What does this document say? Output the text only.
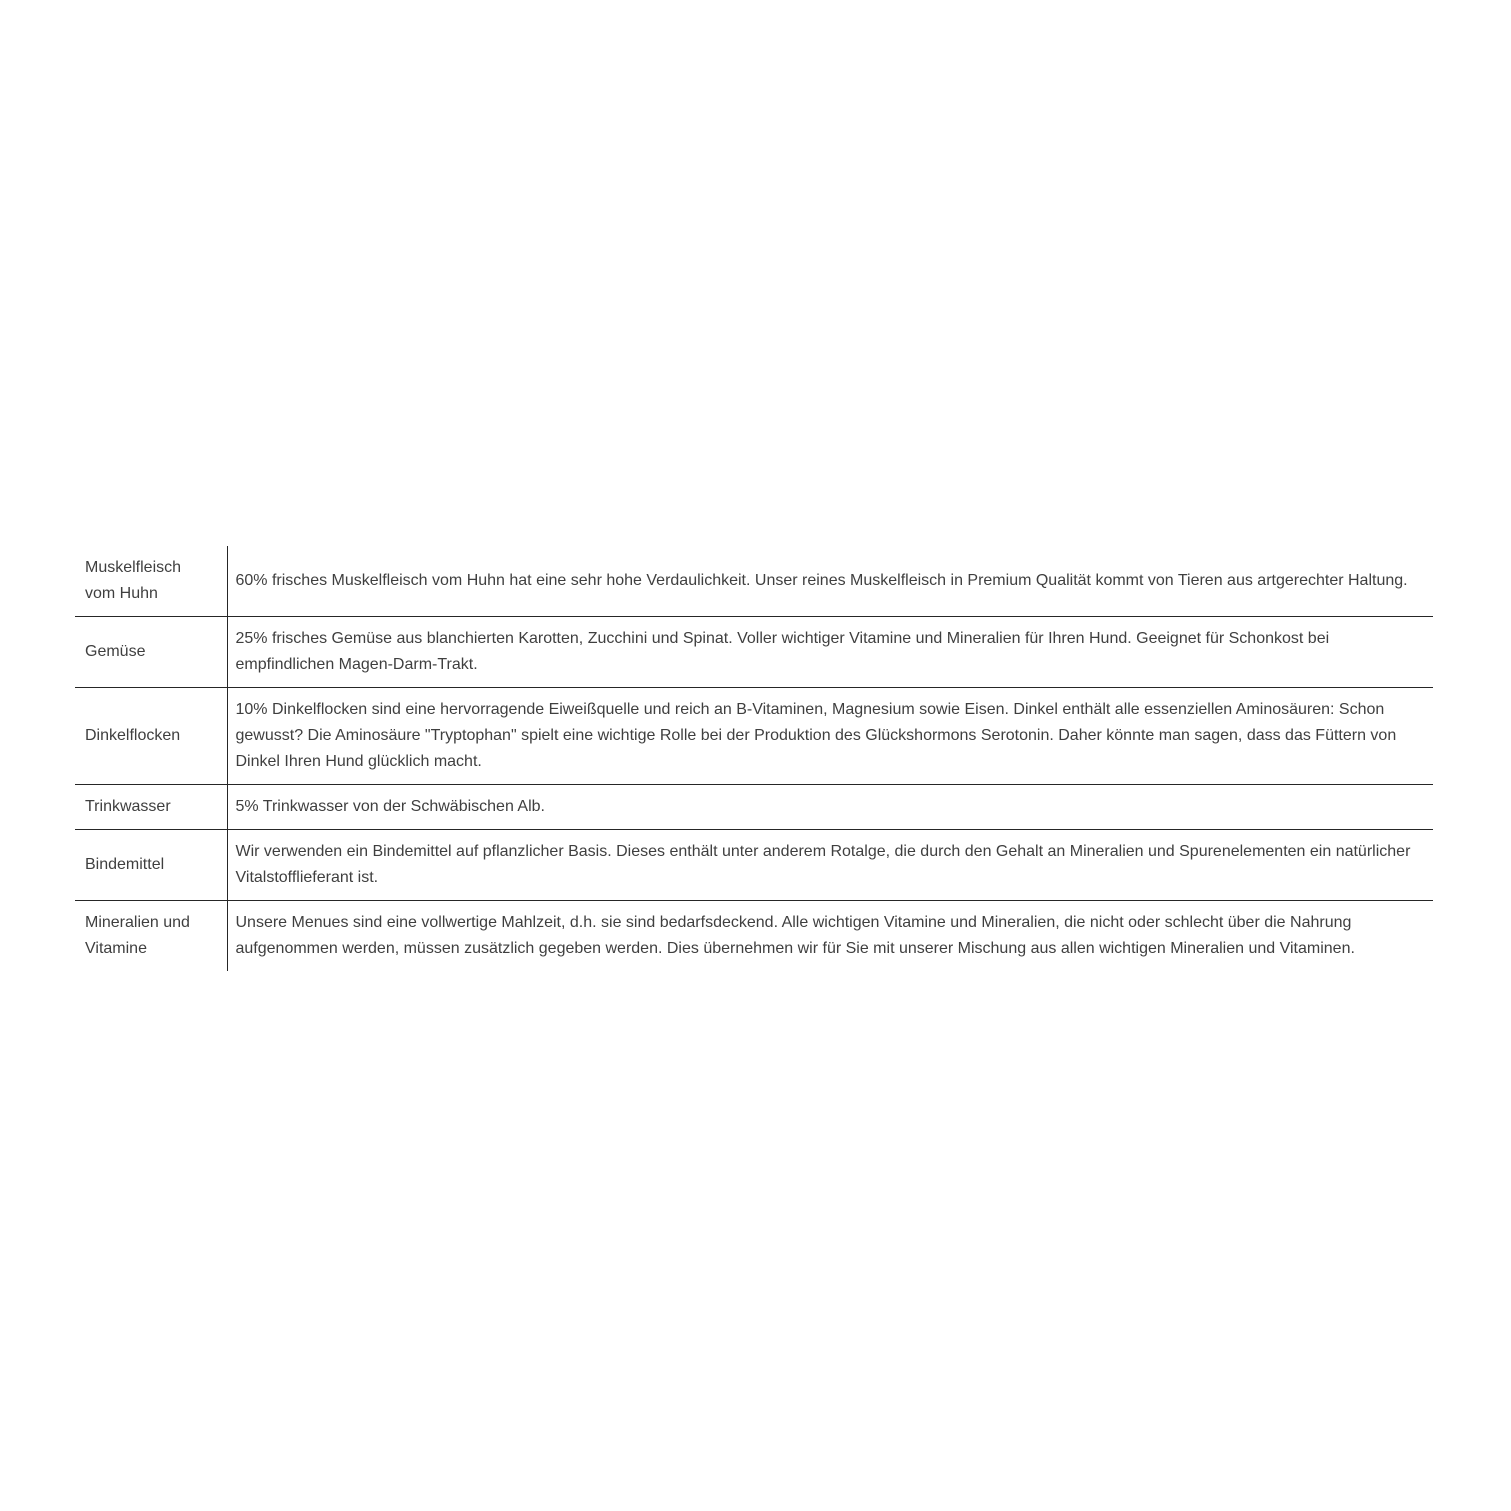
Muskelfleisch vom Huhn	60% frisches Muskelfleisch vom Huhn hat eine sehr hohe Verdaulichkeit. Unser reines Muskelfleisch in Premium Qualität kommt von Tieren aus artgerechter Haltung.
Gemüse	25% frisches Gemüse aus blanchierten Karotten, Zucchini und Spinat. Voller wichtiger Vitamine und Mineralien für Ihren Hund. Geeignet für Schonkost bei empfindlichen Magen-Darm-Trakt.
Dinkelflocken	10% Dinkelflocken sind eine hervorragende Eiweißquelle und reich an B-Vitaminen, Magnesium sowie Eisen. Dinkel enthält alle essenziellen Aminosäuren: Schon gewusst? Die Aminosäure "Tryptophan" spielt eine wichtige Rolle bei der Produktion des Glückshormons Serotonin. Daher könnte man sagen, dass das Füttern von Dinkel Ihren Hund glücklich macht.
Trinkwasser	5% Trinkwasser von der Schwäbischen Alb.
Bindemittel	Wir verwenden ein Bindemittel auf pflanzlicher Basis. Dieses enthält unter anderem Rotalge, die durch den Gehalt an Mineralien und Spurenelementen ein natürlicher Vitalstofflieferant ist.
Mineralien und Vitamine	Unsere Menues sind eine vollwertige Mahlzeit, d.h. sie sind bedarfsdeckend. Alle wichtigen Vitamine und Mineralien, die nicht oder schlecht über die Nahrung aufgenommen werden, müssen zusätzlich gegeben werden. Dies übernehmen wir für Sie mit unserer Mischung aus allen wichtigen Mineralien und Vitaminen.
